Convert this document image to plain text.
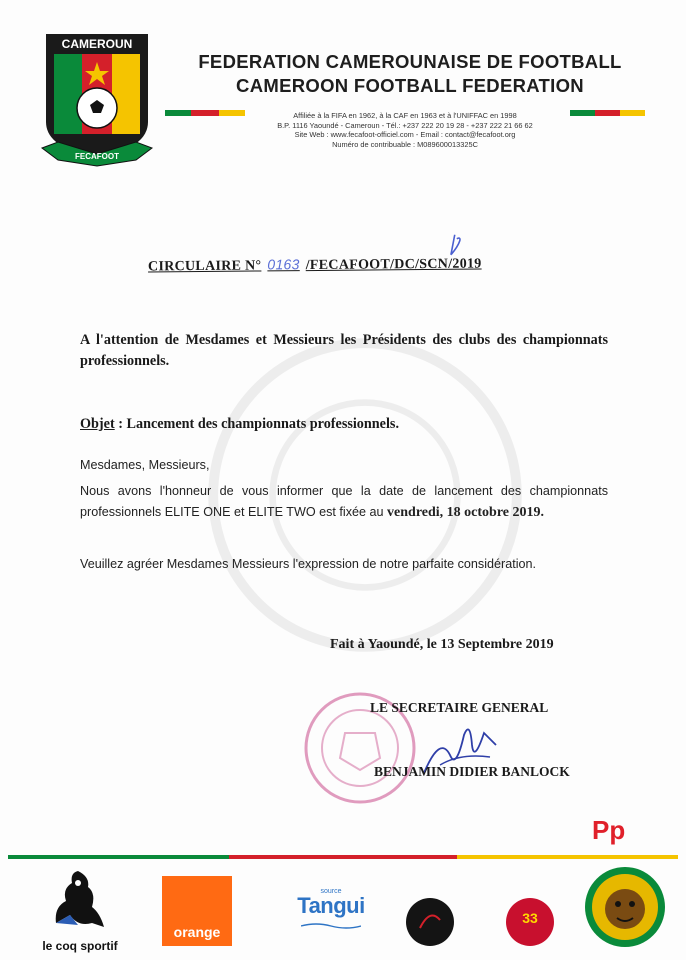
CAMEROUN
FECAFOOT
FEDERATION CAMEROUNAISE DE FOOTBALL
CAMEROON FOOTBALL FEDERATION
Affiliée à la FIFA en 1962, à la CAF en 1963 et à l'UNIFFAC en 1998
B.P. 1116 Yaoundé - Cameroun - Tél.: +237 222 20 19 28 - +237 222 21 66 62
Site Web : www.fecafoot-officiel.com - Email : contact@fecafoot.org
Numéro de contribuable : M089600013325C
CIRCULAIRE N° 0163 /FECAFOOT/DC/SCN/2019
A l'attention de Mesdames et Messieurs les Présidents des clubs des championnats professionnels.
Objet : Lancement des championnats professionnels.
Mesdames, Messieurs,
Nous avons l'honneur de vous informer que la date de lancement des championnats professionnels ELITE ONE et ELITE TWO est fixée au vendredi, 18 octobre 2019.
Veuillez agréer Mesdames Messieurs l'expression de notre parfaite considération.
Fait à Yaoundé, le 13 Septembre 2019
LE SECRETAIRE GENERAL
BENJAMIN DIDIER BANLOCK
Pp
le coq sportif
orange
source
Tangui	33
